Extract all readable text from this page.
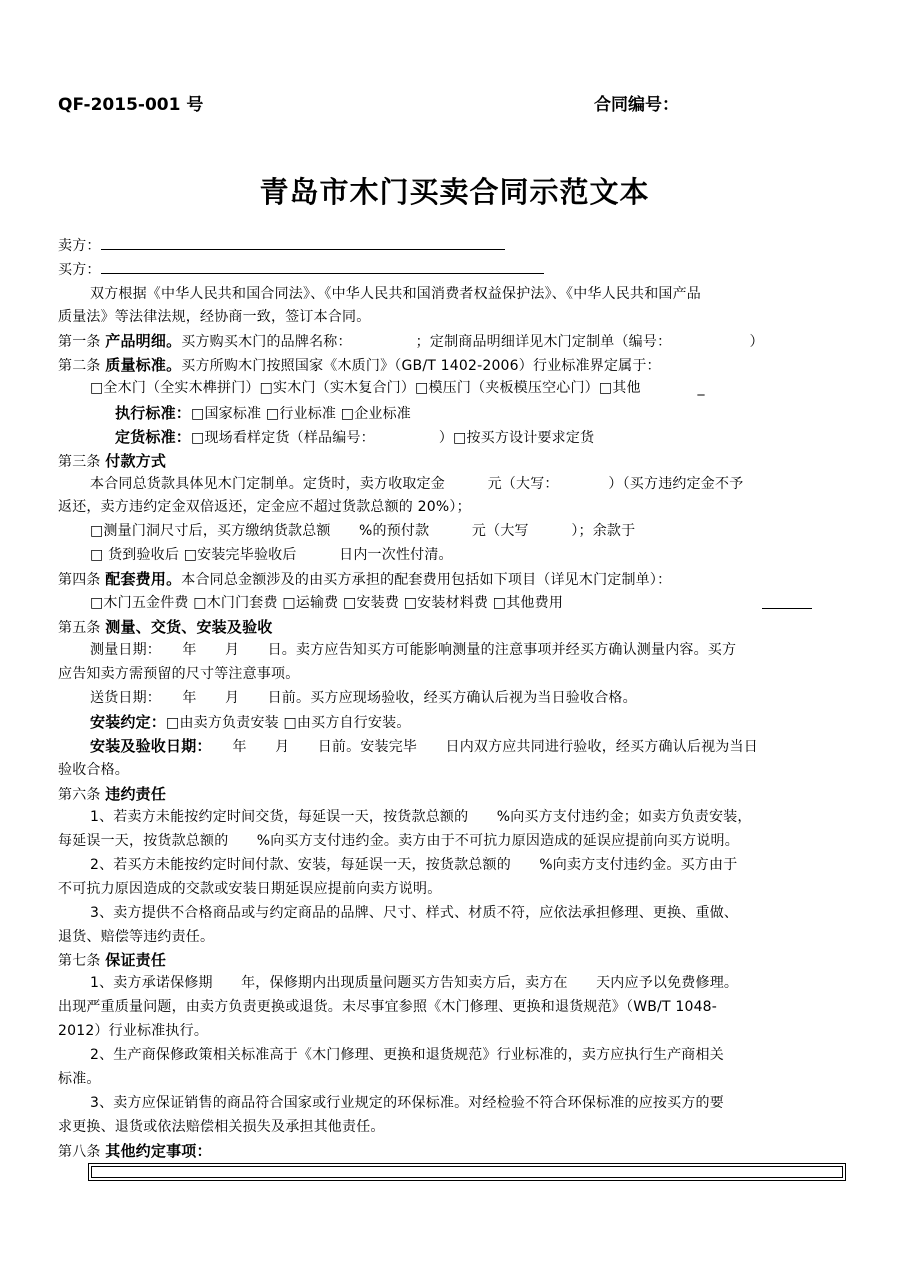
QF-2015-001 号	合同编号：
青岛市木门买卖合同示范文本
卖方：
买方：
双方根据《中华人民共和国合同法》、《中华人民共和国消费者权益保护法》、《中华人民共和国产品
质量法》等法律法规，经协商一致，签订本合同。
第一条 产品明细。买方购买木门的品牌名称：　　　　　；定制商品明细详见木门定制单（编号：　　　　　　）
第二条 质量标准。买方所购木门按照国家《木质门》（GB/T 1402-2006）行业标准界定属于：
□全木门（全实木榫拼门）□实木门（实木复合门）□模压门（夹板模压空心门）□其他　　　　_
执行标准：□国家标准 □行业标准 □企业标准
定货标准：□现场看样定货（样品编号：　　　　　）□按买方设计要求定货
第三条 付款方式
本合同总货款具体见木门定制单。定货时，卖方收取定金　　　元（大写：　　　　）（买方违约定金不予
返还，卖方违约定金双倍返还，定金应不超过货款总额的 20%）；
□测量门洞尺寸后，买方缴纳货款总额　　%的预付款　　　元（大写　　　）；余款于
□ 货到验收后 □安装完毕验收后　　　日内一次性付清。
第四条 配套费用。本合同总金额涉及的由买方承担的配套费用包括如下项目（详见木门定制单）：
□木门五金件费 □木门门套费 □运输费 □安装费 □安装材料费 □其他费用
第五条 测量、交货、安装及验收
测量日期：　　年　　月　　日。卖方应告知买方可能影响测量的注意事项并经买方确认测量内容。买方
应告知卖方需预留的尺寸等注意事项。
送货日期：　　年　　月　　日前。买方应现场验收，经买方确认后视为当日验收合格。
安装约定：□由卖方负责安装 □由买方自行安装。
安装及验收日期：　　年　　月　　日前。安装完毕　　日内双方应共同进行验收，经买方确认后视为当日
验收合格。
第六条 违约责任
1、若卖方未能按约定时间交货，每延误一天，按货款总额的　　%向买方支付违约金；如卖方负责安装，
每延误一天，按货款总额的　　%向买方支付违约金。卖方由于不可抗力原因造成的延误应提前向买方说明。
2、若买方未能按约定时间付款、安装，每延误一天，按货款总额的　　%向卖方支付违约金。买方由于
不可抗力原因造成的交款或安装日期延误应提前向卖方说明。
3、卖方提供不合格商品或与约定商品的品牌、尺寸、样式、材质不符，应依法承担修理、更换、重做、
退货、赔偿等违约责任。
第七条 保证责任
1、卖方承诺保修期　　年，保修期内出现质量问题买方告知卖方后，卖方在　　天内应予以免费修理。
出现严重质量问题，由卖方负责更换或退货。未尽事宜参照《木门修理、更换和退货规范》（WB/T 1048-
2012）行业标准执行。
2、生产商保修政策相关标准高于《木门修理、更换和退货规范》行业标准的，卖方应执行生产商相关
标准。
3、卖方应保证销售的商品符合国家或行业规定的环保标准。对经检验不符合环保标准的应按买方的要
求更换、退货或依法赔偿相关损失及承担其他责任。
第八条 其他约定事项：
